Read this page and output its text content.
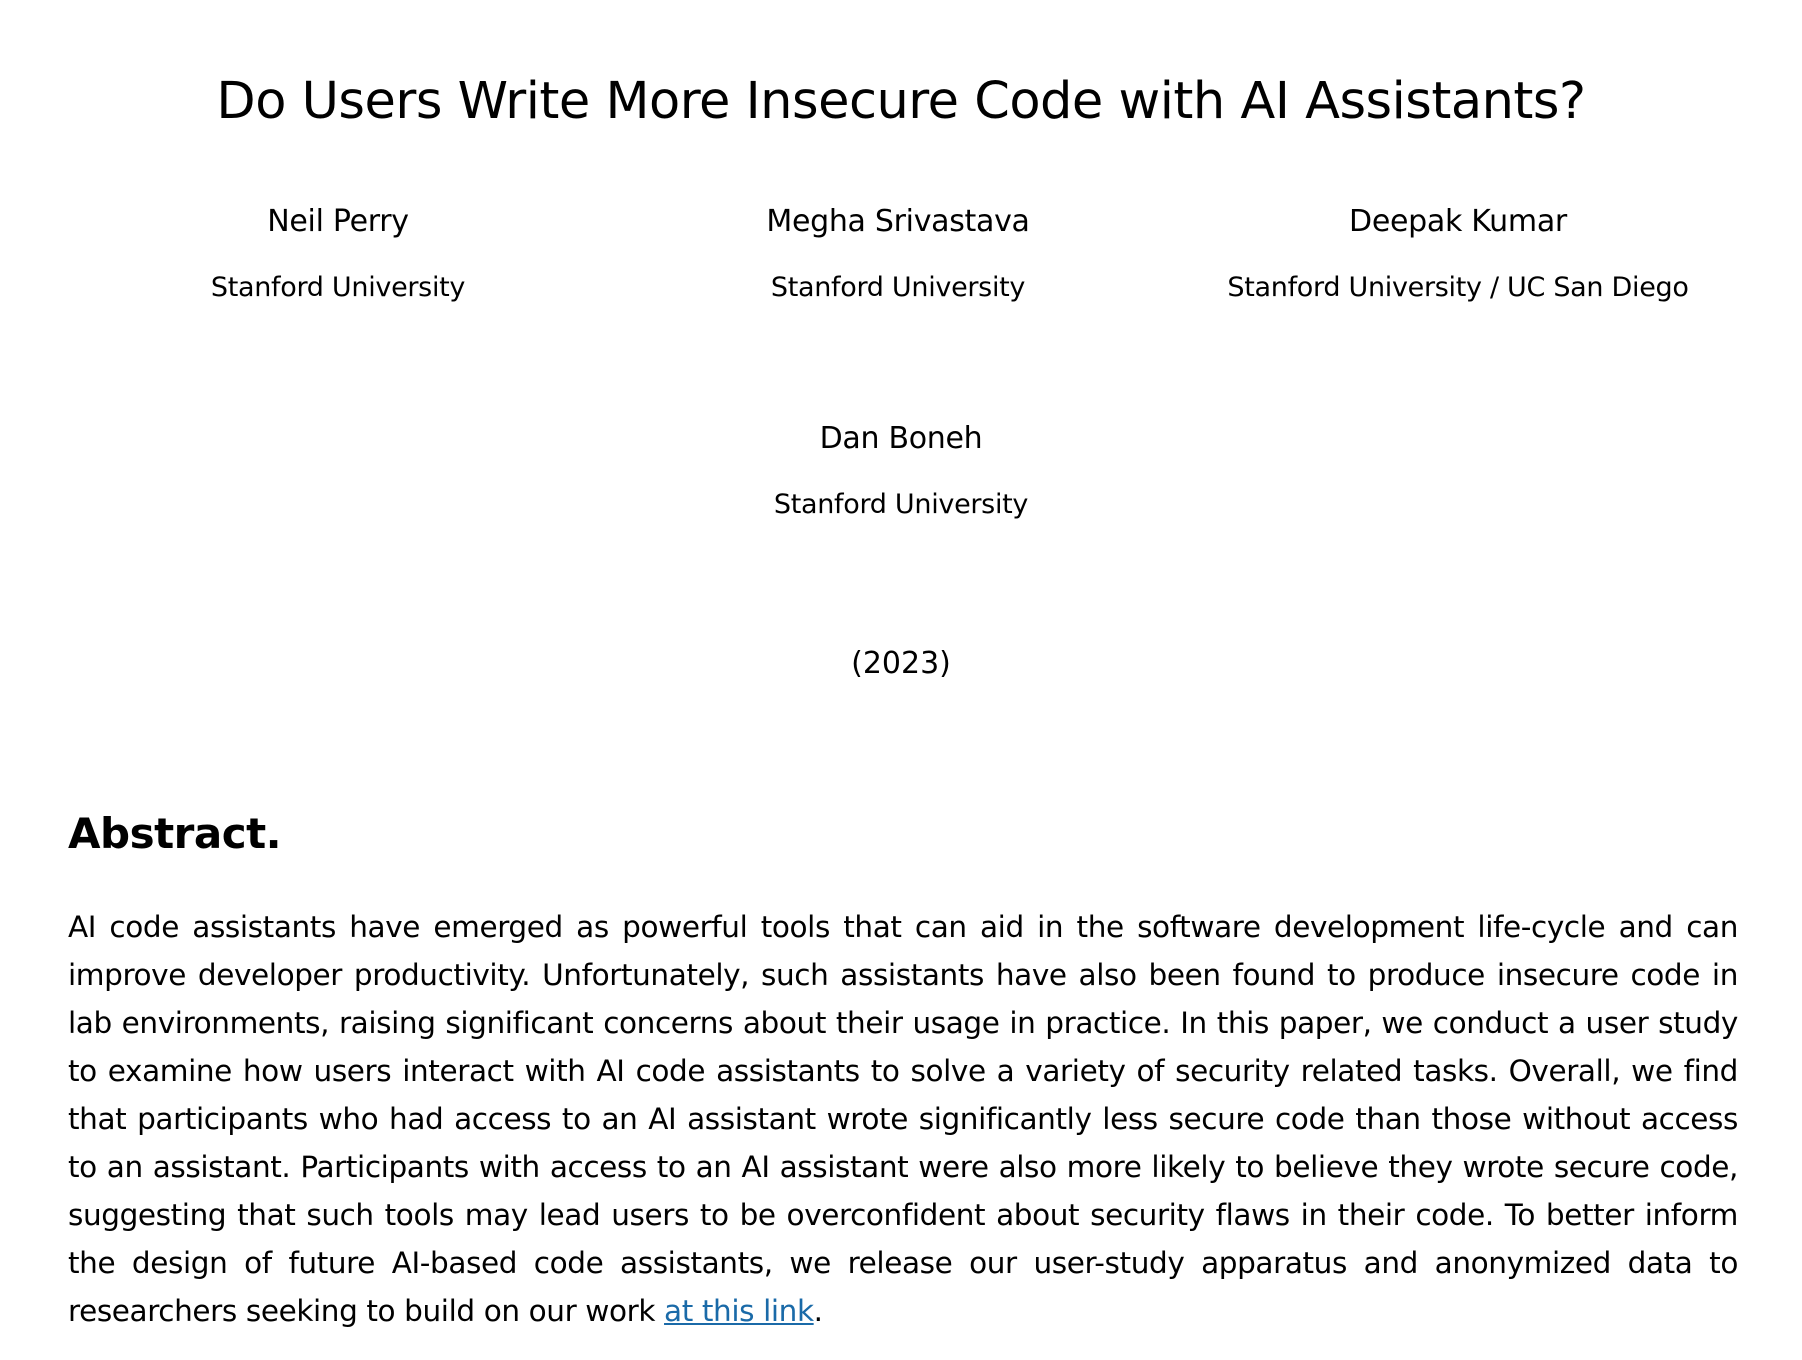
Do Users Write More Insecure Code with AI Assistants?

Neil Perry

Stanford University

Megha Srivastava

Stanford University

Deepak Kumar

Stanford University / UC San Diego

Dan Boneh

Stanford University

(2023)
Abstract.

AI code assistants have emerged as powerful tools that can aid in the software development life-cycle and can improve developer productivity. Unfortunately, such assistants have also been found to produce insecure code in lab environments, raising significant concerns about their usage in practice. In this paper, we conduct a user study to examine how users interact with AI code assistants to solve a variety of security related tasks. Overall, we find that participants who had access to an AI assistant wrote significantly less secure code than those without access to an assistant. Participants with access to an AI assistant were also more likely to believe they wrote secure code, suggesting that such tools may lead users to be overconfident about security flaws in their code. To better inform the design of future AI-based code assistants, we release our user-study apparatus and anonymized data to researchers seeking to build on our work at this link.
